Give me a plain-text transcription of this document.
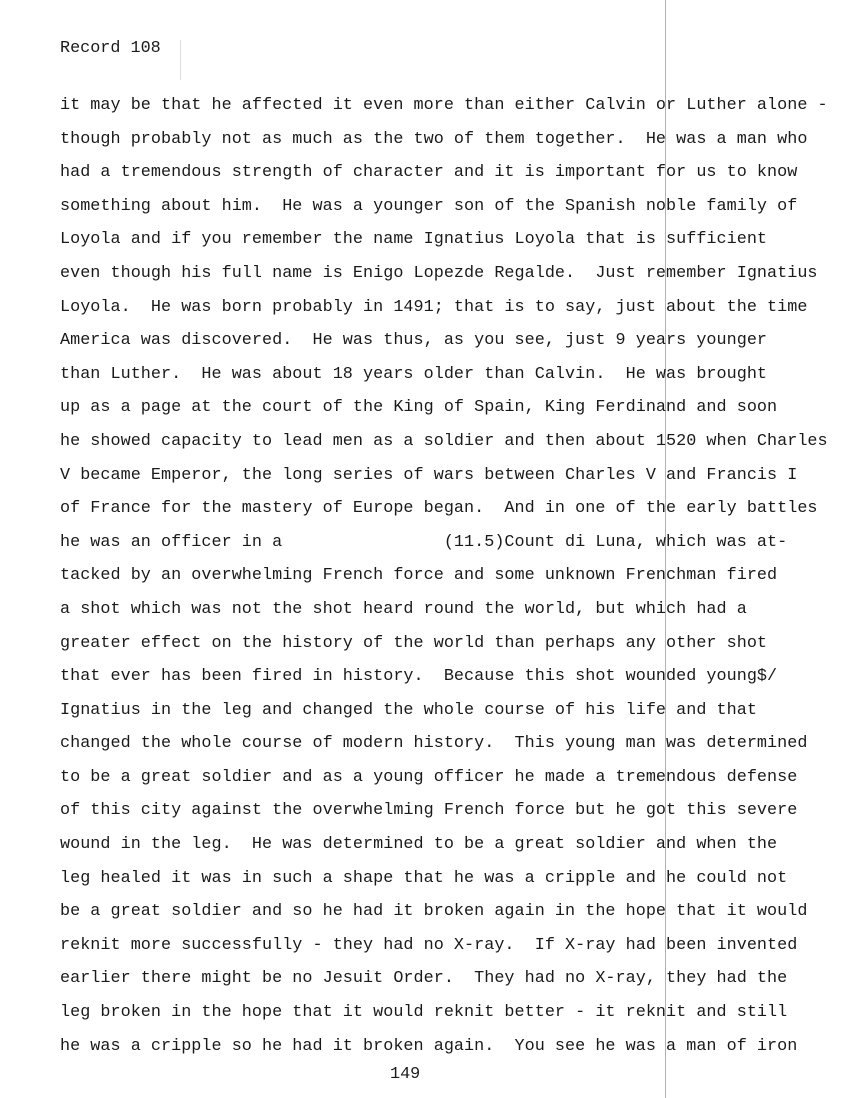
Record 108
it may be that he affected it even more than either Calvin or Luther alone -
though probably not as much as the two of them together.  He was a man who
had a tremendous strength of character and it is important for us to know
something about him.  He was a younger son of the Spanish noble family of
Loyola and if you remember the name Ignatius Loyola that is sufficient
even though his full name is Enigo Lopezde Regalde.  Just remember Ignatius
Loyola.  He was born probably in 1491; that is to say, just about the time
America was discovered.  He was thus, as you see, just 9 years younger
than Luther.  He was about 18 years older than Calvin.  He was brought
up as a page at the court of the King of Spain, King Ferdinand and soon
he showed capacity to lead men as a soldier and then about 1520 when Charles
V became Emperor, the long series of wars between Charles V and Francis I
of France for the mastery of Europe began.  And in one of the early battles
he was an officer in a                (11.5)Count di Luna, which was at-
tacked by an overwhelming French force and some unknown Frenchman fired
a shot which was not the shot heard round the world, but which had a
greater effect on the history of the world than perhaps any other shot
that ever has been fired in history.  Because this shot wounded young$/
Ignatius in the leg and changed the whole course of his life and that
changed the whole course of modern history.  This young man was determined
to be a great soldier and as a young officer he made a tremendous defense
of this city against the overwhelming French force but he got this severe
wound in the leg.  He was determined to be a great soldier and when the
leg healed it was in such a shape that he was a cripple and he could not
be a great soldier and so he had it broken again in the hope that it would
reknit more successfully - they had no X-ray.  If X-ray had been invented
earlier there might be no Jesuit Order.  They had no X-ray, they had the
leg broken in the hope that it would reknit better - it reknit and still
he was a cripple so he had it broken again.  You see he was a man of iron
149
